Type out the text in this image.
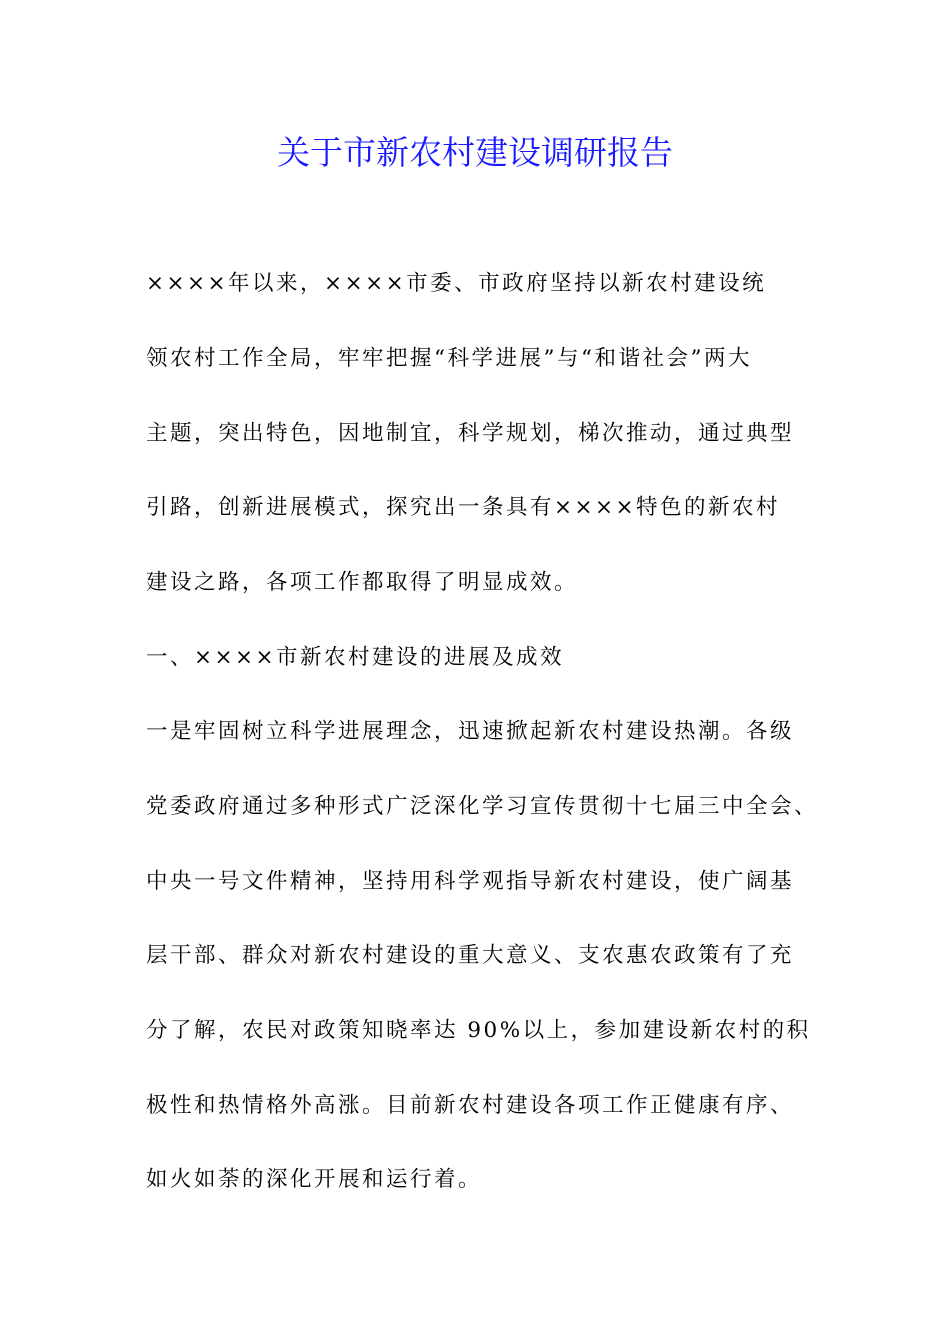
关于市新农村建设调研报告

××××年以来，××××市委、市政府坚持以新农村建设统

领农村工作全局，牢牢把握“科学进展”与“和谐社会”两大

主题，突出特色，因地制宜，科学规划，梯次推动，通过典型

引路，创新进展模式，探究出一条具有××××特色的新农村

建设之路，各项工作都取得了明显成效。

一、××××市新农村建设的进展及成效

一是牢固树立科学进展理念，迅速掀起新农村建设热潮。各级

党委政府通过多种形式广泛深化学习宣传贯彻十七届三中全会、

中央一号文件精神，坚持用科学观指导新农村建设，使广阔基

层干部、群众对新农村建设的重大意义、支农惠农政策有了充

分了解，农民对政策知晓率达 90%以上，参加建设新农村的积

极性和热情格外高涨。目前新农村建设各项工作正健康有序、

如火如荼的深化开展和运行着。
